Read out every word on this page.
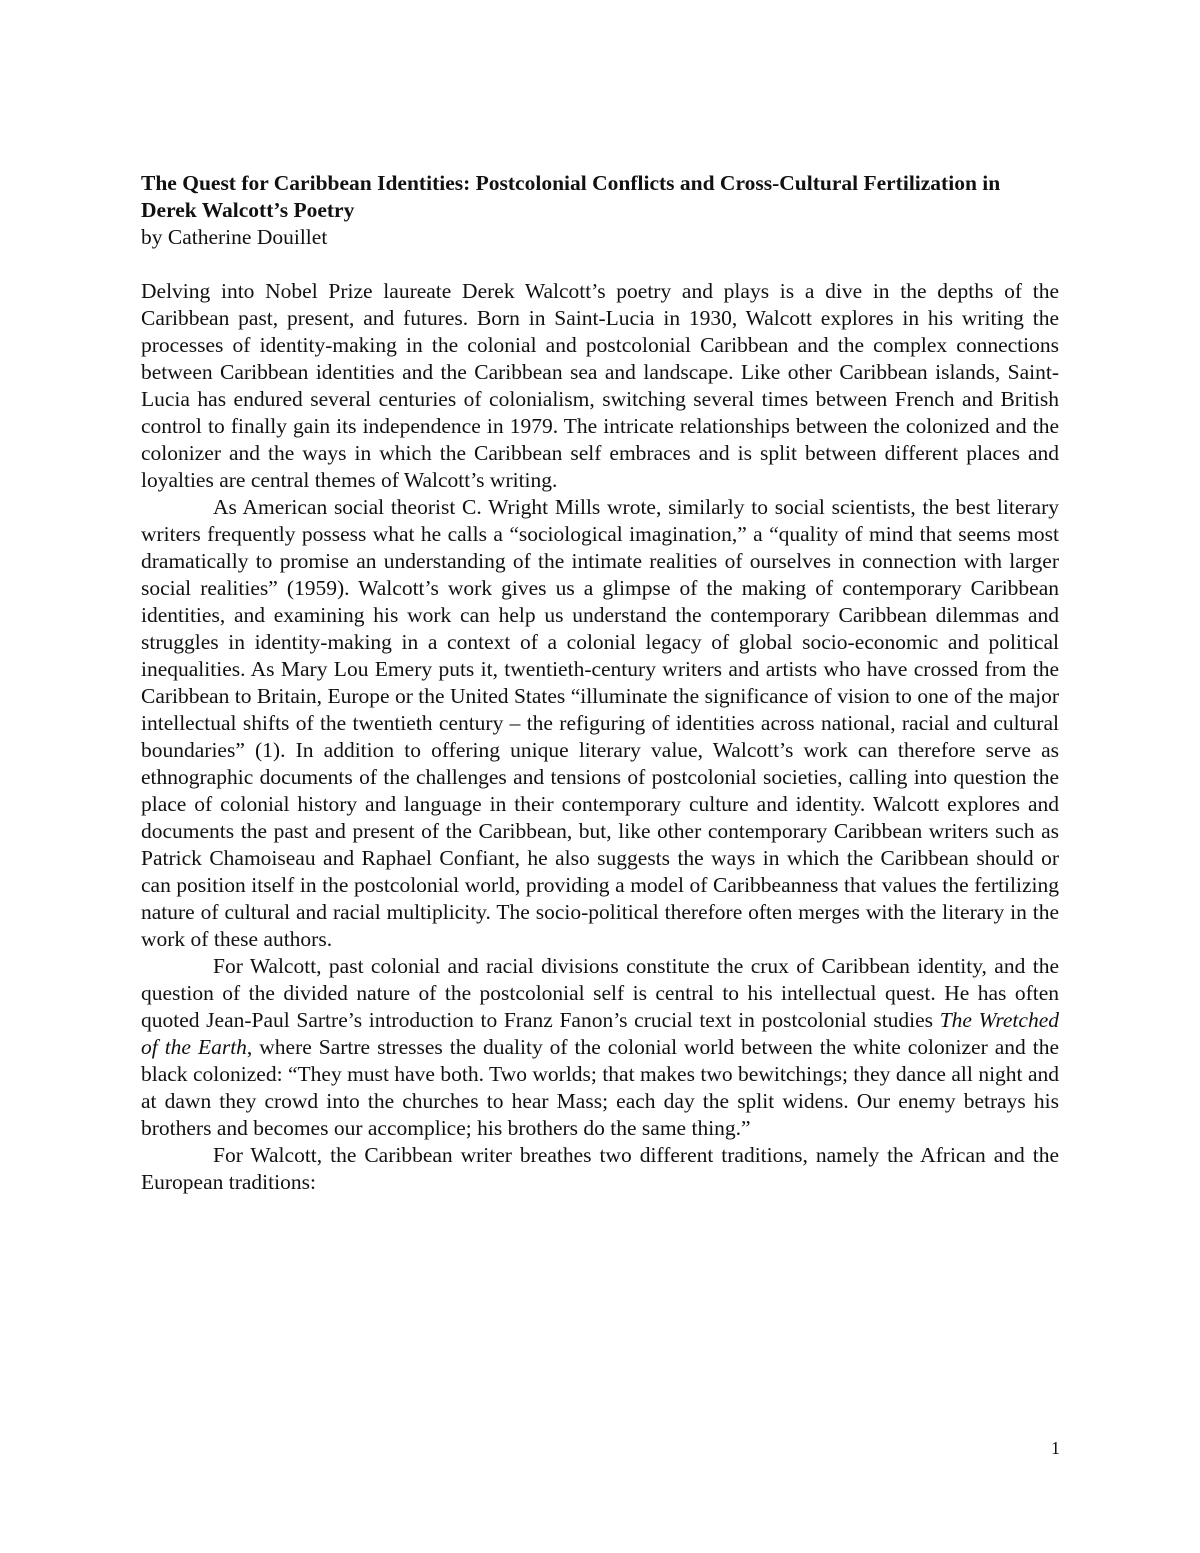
The Quest for Caribbean Identities: Postcolonial Conflicts and Cross-Cultural Fertilization in Derek Walcott’s Poetry
by Catherine Douillet

Delving into Nobel Prize laureate Derek Walcott’s poetry and plays is a dive in the depths of the Caribbean past, present, and futures. Born in Saint-Lucia in 1930, Walcott explores in his writing the processes of identity-making in the colonial and postcolonial Caribbean and the complex connections between Caribbean identities and the Caribbean sea and landscape. Like other Caribbean islands, Saint-Lucia has endured several centuries of colonialism, switching several times between French and British control to finally gain its independence in 1979. The intricate relationships between the colonized and the colonizer and the ways in which the Caribbean self embraces and is split between different places and loyalties are central themes of Walcott’s writing.

As American social theorist C. Wright Mills wrote, similarly to social scientists, the best literary writers frequently possess what he calls a “sociological imagination,” a “quality of mind that seems most dramatically to promise an understanding of the intimate realities of ourselves in connection with larger social realities” (1959). Walcott’s work gives us a glimpse of the making of contemporary Caribbean identities, and examining his work can help us understand the contemporary Caribbean dilemmas and struggles in identity-making in a context of a colonial legacy of global socio-economic and political inequalities. As Mary Lou Emery puts it, twentieth-century writers and artists who have crossed from the Caribbean to Britain, Europe or the United States “illuminate the significance of vision to one of the major intellectual shifts of the twentieth century – the refiguring of identities across national, racial and cultural boundaries” (1). In addition to offering unique literary value, Walcott’s work can therefore serve as ethnographic documents of the challenges and tensions of postcolonial societies, calling into question the place of colonial history and language in their contemporary culture and identity. Walcott explores and documents the past and present of the Caribbean, but, like other contemporary Caribbean writers such as Patrick Chamoiseau and Raphael Confiant, he also suggests the ways in which the Caribbean should or can position itself in the postcolonial world, providing a model of Caribbeanness that values the fertilizing nature of cultural and racial multiplicity. The socio-political therefore often merges with the literary in the work of these authors.

For Walcott, past colonial and racial divisions constitute the crux of Caribbean identity, and the question of the divided nature of the postcolonial self is central to his intellectual quest. He has often quoted Jean-Paul Sartre’s introduction to Franz Fanon’s crucial text in postcolonial studies The Wretched of the Earth, where Sartre stresses the duality of the colonial world between the white colonizer and the black colonized: “They must have both. Two worlds; that makes two bewitchings; they dance all night and at dawn they crowd into the churches to hear Mass; each day the split widens. Our enemy betrays his brothers and becomes our accomplice; his brothers do the same thing.”

For Walcott, the Caribbean writer breathes two different traditions, namely the African and the European traditions:

1
